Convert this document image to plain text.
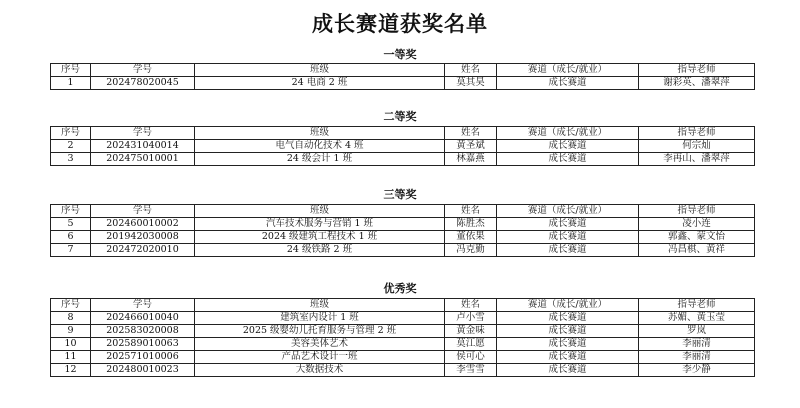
成长赛道获奖名单
一等奖
序号	学号	班级	姓名	赛道（成长/就业）	指导老师
1	202478020045	24 电商 2 班	莫其昊	成长赛道	谢彩英、潘翠萍
二等奖
序号	学号	班级	姓名	赛道（成长/就业）	指导老师
2	202431040014	电气自动化技术 4 班	黄圣斌	成长赛道	何宗灿
3	202475010001	24 级会计 1 班	林嘉燕	成长赛道	李再山、潘翠萍
三等奖
序号	学号	班级	姓名	赛道（成长/就业）	指导老师
5	202460010002	汽车技术服务与营销 1 班	陈胜杰	成长赛道	凌小连
6	201942030008	2024 级建筑工程技术 1 班	董依果	成长赛道	郭鑫、蒙文怡
7	202472020010	24 级铁路 2 班	冯克勤	成长赛道	冯昌棋、黄祥
优秀奖
序号	学号	班级	姓名	赛道（成长/就业）	指导老师
8	202466010040	建筑室内设计 1 班	卢小雪	成长赛道	苏媚、黄玉莹
9	202583020008	2025 级婴幼儿托育服务与管理 2 班	黄金味	成长赛道	罗岚
10	202589010063	美容美体艺术	莫江愿	成长赛道	李丽清
11	202571010006	产品艺术设计一班	侯可心	成长赛道	李丽清
12	202480010023	大数据技术	李雪雪	成长赛道	李少静
